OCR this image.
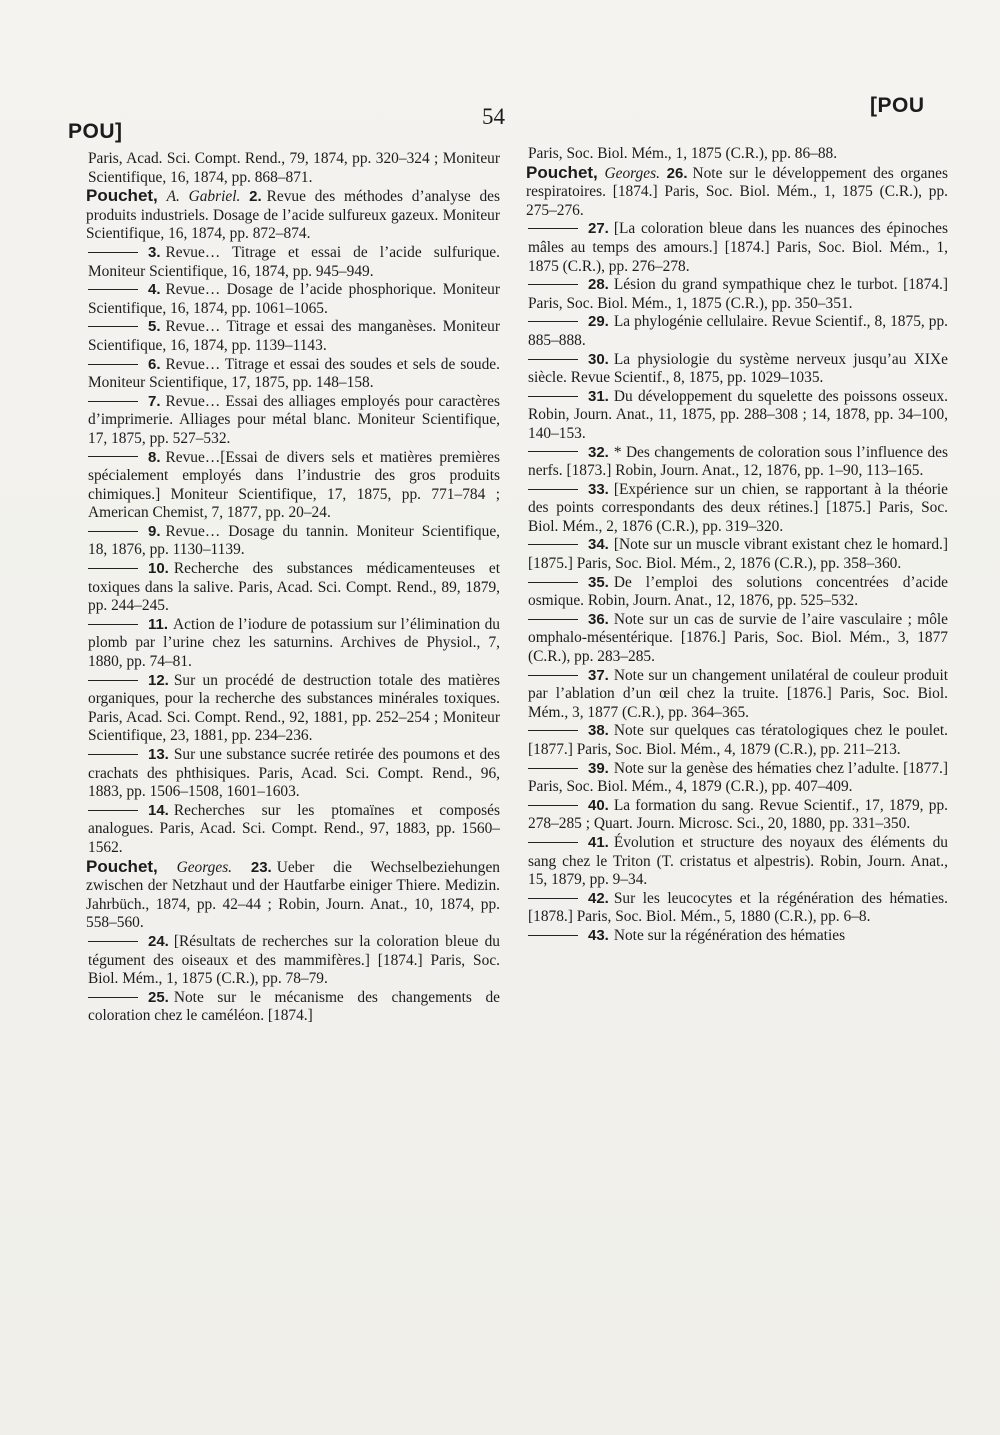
POU]
54	[POU

Paris, Acad. Sci. Compt. Rend., 79, 1874, pp. 320–324 ; Moniteur Scientifique, 16, 1874, pp. 868–871.

Pouchet, A. Gabriel. 2. Revue des méthodes d’analyse des produits industriels. Dosage de l’acide sulfureux gazeux. Moniteur Scientifique, 16, 1874, pp. 872–874.

3. Revue… Titrage et essai de l’acide sulfurique. Moniteur Scientifique, 16, 1874, pp. 945–949.

4. Revue… Dosage de l’acide phosphorique. Moniteur Scientifique, 16, 1874, pp. 1061–1065.

5. Revue… Titrage et essai des manganèses. Moniteur Scientifique, 16, 1874, pp. 1139–1143.

6. Revue… Titrage et essai des soudes et sels de soude. Moniteur Scientifique, 17, 1875, pp. 148–158.

7. Revue… Essai des alliages employés pour caractères d’imprimerie. Alliages pour métal blanc. Moniteur Scientifique, 17, 1875, pp. 527–532.

8. Revue…[Essai de divers sels et matières premières spécialement employés dans l’industrie des gros produits chimiques.] Moniteur Scientifique, 17, 1875, pp. 771–784 ; American Chemist, 7, 1877, pp. 20–24.

9. Revue… Dosage du tannin. Moniteur Scientifique, 18, 1876, pp. 1130–1139.

10. Recherche des substances médicamenteuses et toxiques dans la salive. Paris, Acad. Sci. Compt. Rend., 89, 1879, pp. 244–245.

11. Action de l’iodure de potassium sur l’élimination du plomb par l’urine chez les saturnins. Archives de Physiol., 7, 1880, pp. 74–81.

12. Sur un procédé de destruction totale des matières organiques, pour la recherche des substances minérales toxiques. Paris, Acad. Sci. Compt. Rend., 92, 1881, pp. 252–254 ; Moniteur Scientifique, 23, 1881, pp. 234–236.

13. Sur une substance sucrée retirée des poumons et des crachats des phthisiques. Paris, Acad. Sci. Compt. Rend., 96, 1883, pp. 1506–1508, 1601–1603.

14. Recherches sur les ptomaïnes et composés analogues. Paris, Acad. Sci. Compt. Rend., 97, 1883, pp. 1560–1562.

Pouchet, Georges. 23. Ueber die Wechselbeziehungen zwischen der Netzhaut und der Hautfarbe einiger Thiere. Medizin. Jahrbüch., 1874, pp. 42–44 ; Robin, Journ. Anat., 10, 1874, pp. 558–560.

24. [Résultats de recherches sur la coloration bleue du tégument des oiseaux et des mammifères.] [1874.] Paris, Soc. Biol. Mém., 1, 1875 (C.R.), pp. 78–79.

25. Note sur le mécanisme des changements de coloration chez le caméléon. [1874.]

Paris, Soc. Biol. Mém., 1, 1875 (C.R.), pp. 86–88.

Pouchet, Georges. 26. Note sur le développement des organes respiratoires. [1874.] Paris, Soc. Biol. Mém., 1, 1875 (C.R.), pp. 275–276.

27. [La coloration bleue dans les nuances des épinoches mâles au temps des amours.] [1874.] Paris, Soc. Biol. Mém., 1, 1875 (C.R.), pp. 276–278.

28. Lésion du grand sympathique chez le turbot. [1874.] Paris, Soc. Biol. Mém., 1, 1875 (C.R.), pp. 350–351.

29. La phylogénie cellulaire. Revue Scientif., 8, 1875, pp. 885–888.

30. La physiologie du système nerveux jusqu’au XIXe siècle. Revue Scientif., 8, 1875, pp. 1029–1035.

31. Du développement du squelette des poissons osseux. Robin, Journ. Anat., 11, 1875, pp. 288–308 ; 14, 1878, pp. 34–100, 140–153.

32. * Des changements de coloration sous l’influence des nerfs. [1873.] Robin, Journ. Anat., 12, 1876, pp. 1–90, 113–165.

33. [Expérience sur un chien, se rapportant à la théorie des points correspondants des deux rétines.] [1875.] Paris, Soc. Biol. Mém., 2, 1876 (C.R.), pp. 319–320.

34. [Note sur un muscle vibrant existant chez le homard.] [1875.] Paris, Soc. Biol. Mém., 2, 1876 (C.R.), pp. 358–360.

35. De l’emploi des solutions concentrées d’acide osmique. Robin, Journ. Anat., 12, 1876, pp. 525–532.

36. Note sur un cas de survie de l’aire vasculaire ; môle omphalo-mésentérique. [1876.] Paris, Soc. Biol. Mém., 3, 1877 (C.R.), pp. 283–285.

37. Note sur un changement unilatéral de couleur produit par l’ablation d’un œil chez la truite. [1876.] Paris, Soc. Biol. Mém., 3, 1877 (C.R.), pp. 364–365.

38. Note sur quelques cas tératologiques chez le poulet. [1877.] Paris, Soc. Biol. Mém., 4, 1879 (C.R.), pp. 211–213.

39. Note sur la genèse des hématies chez l’adulte. [1877.] Paris, Soc. Biol. Mém., 4, 1879 (C.R.), pp. 407–409.

40. La formation du sang. Revue Scientif., 17, 1879, pp. 278–285 ; Quart. Journ. Microsc. Sci., 20, 1880, pp. 331–350.

41. Évolution et structure des noyaux des éléments du sang chez le Triton (T. cristatus et alpestris). Robin, Journ. Anat., 15, 1879, pp. 9–34.

42. Sur les leucocytes et la régénération des hématies. [1878.] Paris, Soc. Biol. Mém., 5, 1880 (C.R.), pp. 6–8.

43. Note sur la régénération des hématies
